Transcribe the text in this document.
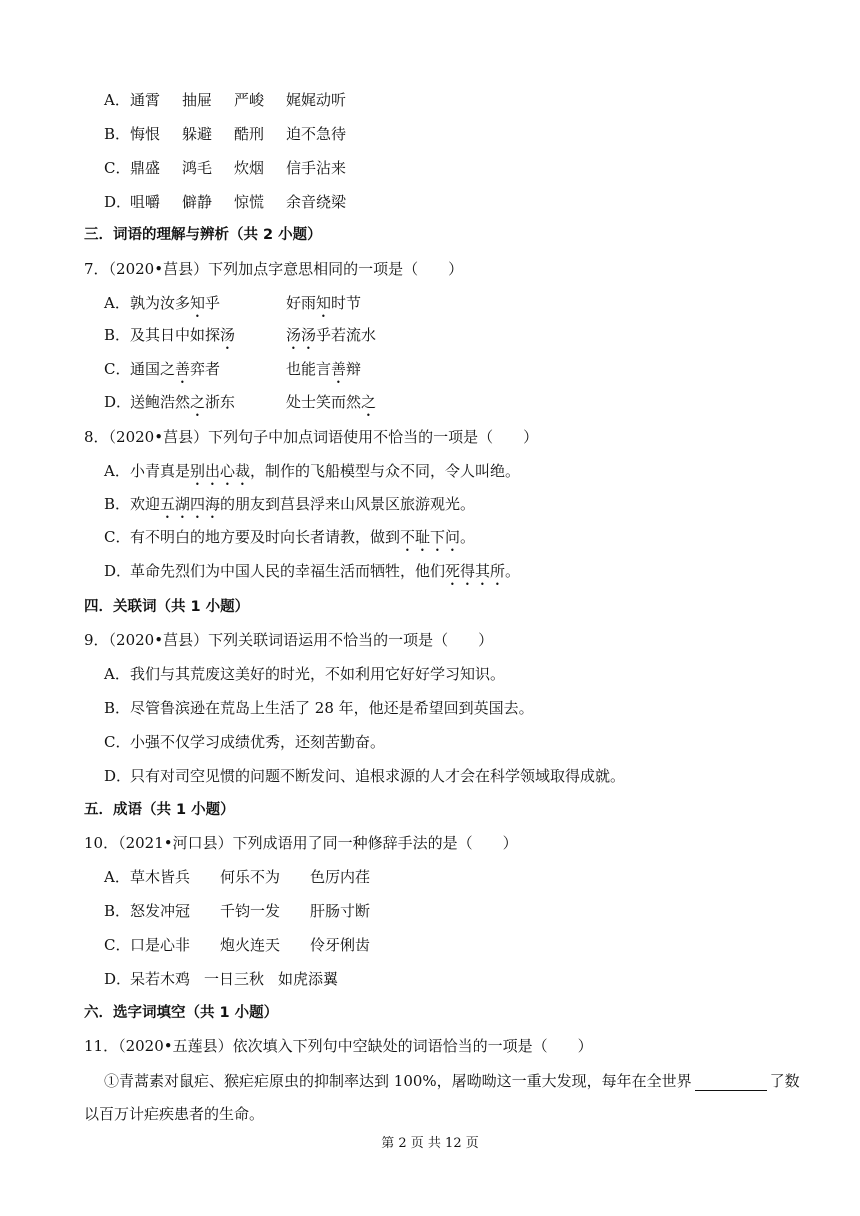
A．通霄 抽屉 严峻 娓娓动听
B．悔恨 躲避 酷刑 迫不急待
C．鼎盛 鸿毛 炊烟 信手沾来
D．咀嚼 僻静 惊慌 余音绕梁
三．词语的理解与辨析（共 2 小题）
7．（2020•莒县）下列加点字意思相同的一项是（　　）
A．孰为汝多知乎	好雨知时节
B．及其日中如探汤	汤汤乎若流水
C．通国之善弈者	也能言善辩
D．送鲍浩然之浙东	处士笑而然之
8．（2020•莒县）下列句子中加点词语使用不恰当的一项是（　　）
A．小青真是别出心裁，制作的飞船模型与众不同，令人叫绝。
B．欢迎五湖四海的朋友到莒县浮来山风景区旅游观光。
C．有不明白的地方要及时向长者请教，做到不耻下问。
D．革命先烈们为中国人民的幸福生活而牺牲，他们死得其所。
四．关联词（共 1 小题）
9．（2020•莒县）下列关联词语运用不恰当的一项是（　　）
A．我们与其荒废这美好的时光，不如利用它好好学习知识。
B．尽管鲁滨逊在荒岛上生活了 28 年，他还是希望回到英国去。
C．小强不仅学习成绩优秀，还刻苦勤奋。
D．只有对司空见惯的问题不断发问、追根求源的人才会在科学领域取得成就。
五．成语（共 1 小题）
10．（2021•河口县）下列成语用了同一种修辞手法的是（　　）
A．草木皆兵 何乐不为 色厉内荏
B．怒发冲冠 千钧一发 肝肠寸断
C．口是心非 炮火连天 伶牙俐齿
D．呆若木鸡 一日三秋 如虎添翼
六．选字词填空（共 1 小题）
11．（2020•五莲县）依次填入下列句中空缺处的词语恰当的一项是（　　）
①青蒿素对鼠疟、猴疟疟原虫的抑制率达到 100%，屠呦呦这一重大发现，每年在全世界	了数
以百万计疟疾患者的生命。
第 2 页 共 12 页
